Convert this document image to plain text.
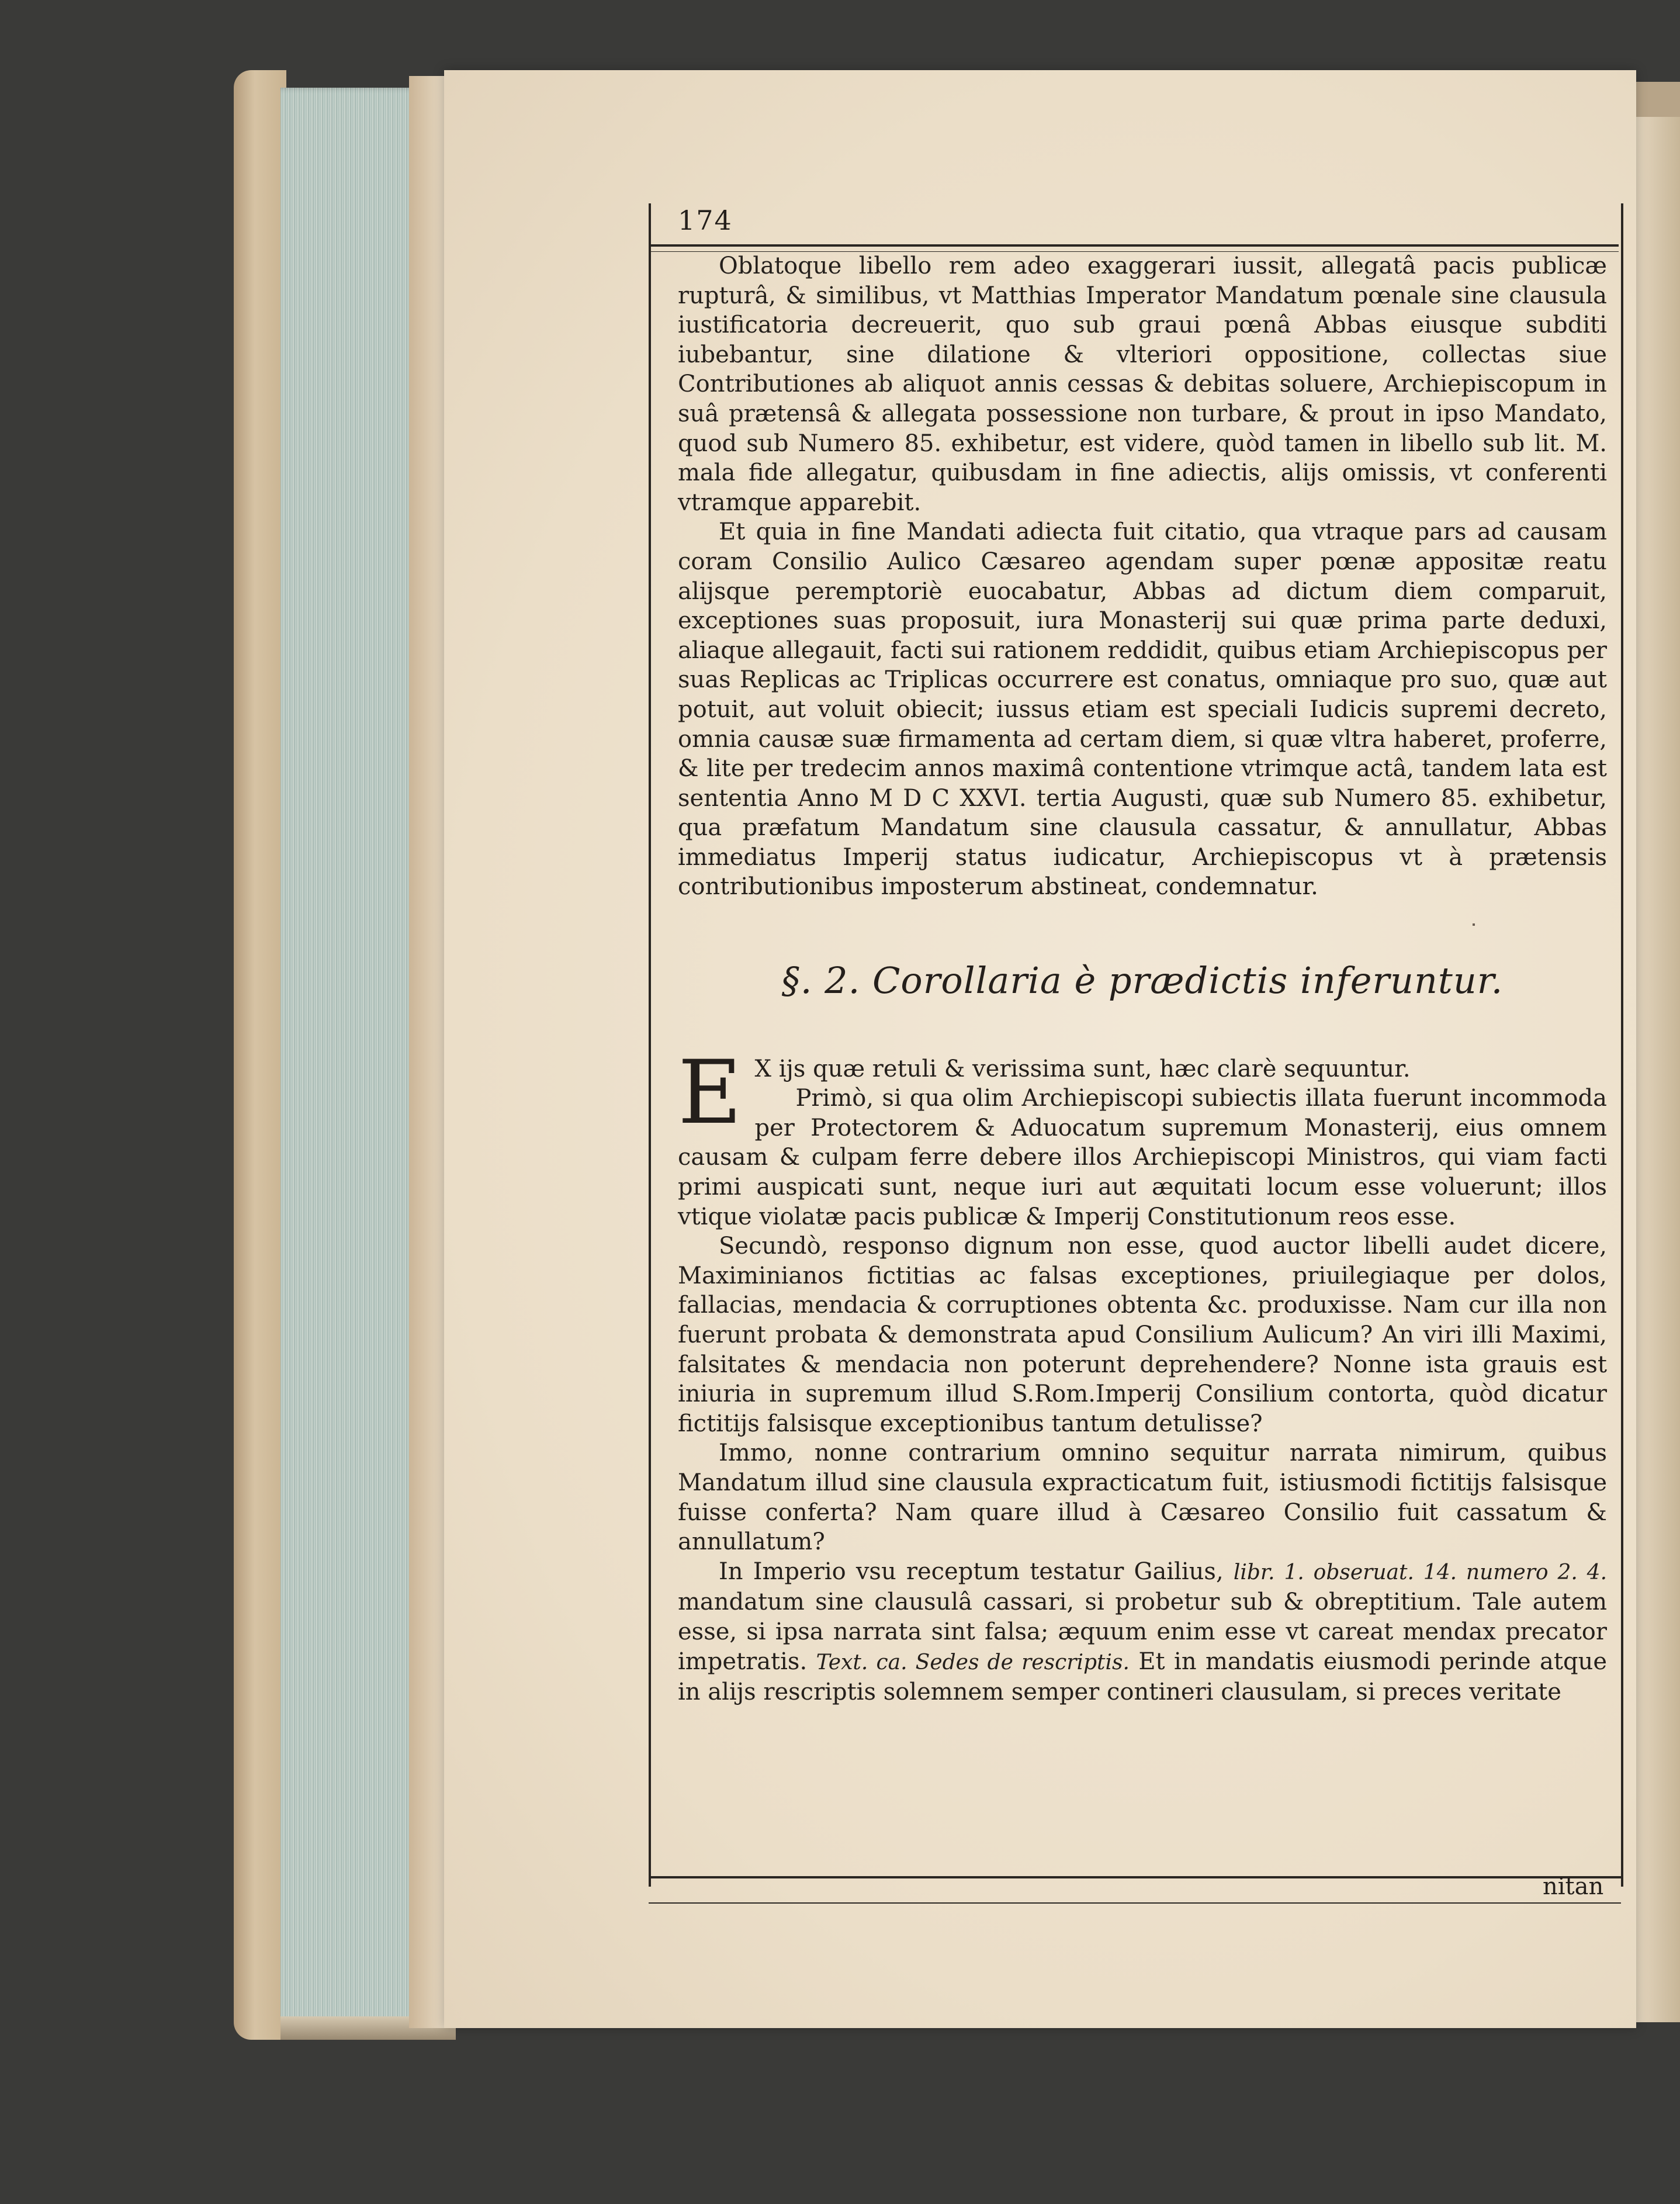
174

Oblatoque libello rem adeo exaggerari iussit, allegatâ pacis publicæ rupturâ, & similibus, vt Matthias Imperator Mandatum pœnale sine clausula iustificatoria decreuerit, quo sub graui pœnâ Abbas eiusque subditi iubebantur, sine dilatione & vlteriori oppositione, collectas siue Contributiones ab aliquot annis cessas & debitas soluere, Archiepiscopum in suâ prætensâ & allegata possessione non turbare, & prout in ipso Mandato, quod sub Numero 85. exhibetur, est videre, quòd tamen in libello sub lit. M. mala fide allegatur, quibusdam in fine adiectis, alijs omissis, vt conferenti vtramque apparebit.

Et quia in fine Mandati adiecta fuit citatio, qua vtraque pars ad causam coram Consilio Aulico Cæsareo agendam super pœnæ appositæ reatu alijsque peremptoriè euocabatur, Abbas ad dictum diem comparuit, exceptiones suas proposuit, iura Monasterij sui quæ prima parte deduxi, aliaque allegauit, facti sui rationem reddidit, quibus etiam Archiepiscopus per suas Replicas ac Triplicas occurrere est conatus, omniaque pro suo, quæ aut potuit, aut voluit obiecit; iussus etiam est speciali Iudicis supremi decreto, omnia causæ suæ firmamenta ad certam diem, si quæ vltra haberet, proferre, & lite per tredecim annos maximâ contentione vtrimque actâ, tandem lata est sententia Anno M D C XXVI. tertia Augusti, quæ sub Numero 85. exhibetur, qua præfatum Mandatum sine clausula cassatur, & annullatur, Abbas immediatus Imperij status iudicatur, Archiepiscopus vt à prætensis contributionibus imposterum abstineat, condemnatur.

§. 2. Corollaria è prædictis inferuntur.

E X ijs quæ retuli & verissima sunt, hæc clarè sequuntur.

Primò, si qua olim Archiepiscopi subiectis illata fuerunt incommoda per Protectorem & Aduocatum supremum Monasterij, eius omnem causam & culpam ferre debere illos Archiepiscopi Ministros, qui viam facti primi auspicati sunt, neque iuri aut æquitati locum esse voluerunt; illos vtique violatæ pacis publicæ & Imperij Constitutionum reos esse.

Secundò, responso dignum non esse, quod auctor libelli audet dicere, Maximinianos fictitias ac falsas exceptiones, priuilegiaque per dolos, fallacias, mendacia & corruptiones obtenta &c. produxisse. Nam cur illa non fuerunt probata & demonstrata apud Consilium Aulicum? An viri illi Maximi, falsitates & mendacia non poterunt deprehendere? Nonne ista grauis est iniuria in supremum illud S.Rom.Imperij Consilium contorta, quòd dicatur fictitijs falsisque exceptionibus tantum detulisse?

Immo, nonne contrarium omnino sequitur narrata nimirum, quibus Mandatum illud sine clausula expracticatum fuit, istiusmodi fictitijs falsisque fuisse conferta? Nam quare illud à Cæsareo Consilio fuit cassatum & annullatum?

In Imperio vsu receptum testatur Gailius, libr. 1. obseruat. 14. numero 2. 4. mandatum sine clausulâ cassari, si probetur sub & obreptitium. Tale autem esse, si ipsa narrata sint falsa; æquum enim esse vt careat mendax precator impetratis. Text. ca. Sedes de rescriptis. Et in mandatis eiusmodi perinde atque in alijs rescriptis solemnem semper contineri clausulam, si preces veritate

nitan
